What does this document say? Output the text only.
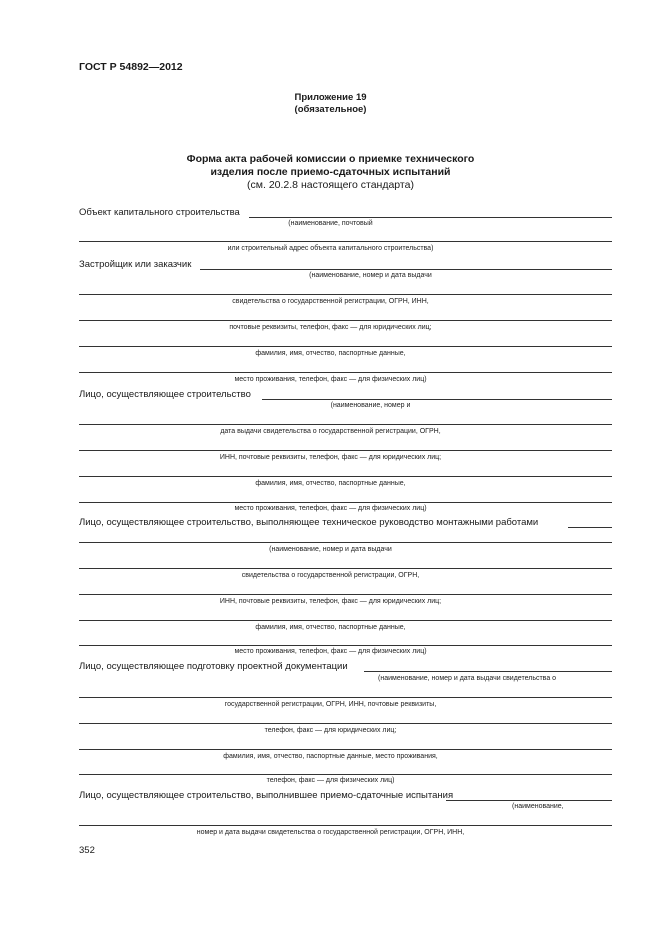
ГОСТ Р 54892—2012
Приложение 19
(обязательное)
Форма акта рабочей комиссии о приемке технического
изделия после приемо-сдаточных испытаний
(см. 20.2.8 настоящего стандарта)
Объект капитального строительства
(наименование, почтовый
или строительный адрес объекта капитального строительства)
Застройщик или заказчик
(наименование, номер и дата выдачи
свидетельства о государственной регистрации, ОГРН, ИНН,
почтовые реквизиты, телефон, факс — для юридических лиц;
фамилия, имя, отчество, паспортные данные,
место проживания, телефон, факс — для физических лиц)
Лицо, осуществляющее строительство
(наименование, номер и
дата выдачи свидетельства о государственной регистрации, ОГРН,
ИНН, почтовые реквизиты, телефон, факс — для юридических лиц;
фамилия, имя, отчество, паспортные данные,
место проживания, телефон, факс — для физических лиц)
Лицо, осуществляющее строительство, выполняющее техническое руководство монтажными работами
(наименование, номер и дата выдачи
свидетельства о государственной регистрации, ОГРН,
ИНН, почтовые реквизиты, телефон, факс — для юридических лиц;
фамилия, имя, отчество, паспортные данные,
место проживания, телефон, факс — для физических лиц)
Лицо, осуществляющее подготовку проектной документации
(наименование, номер и дата выдачи свидетельства о
государственной регистрации, ОГРН, ИНН, почтовые реквизиты,
телефон, факс — для юридических лиц;
фамилия, имя, отчество, паспортные данные, место проживания,
телефон, факс — для физических лиц)
Лицо, осуществляющее строительство, выполнившее приемо-сдаточные испытания
(наименование,
номер и дата выдачи свидетельства о государственной регистрации, ОГРН, ИНН,
352
